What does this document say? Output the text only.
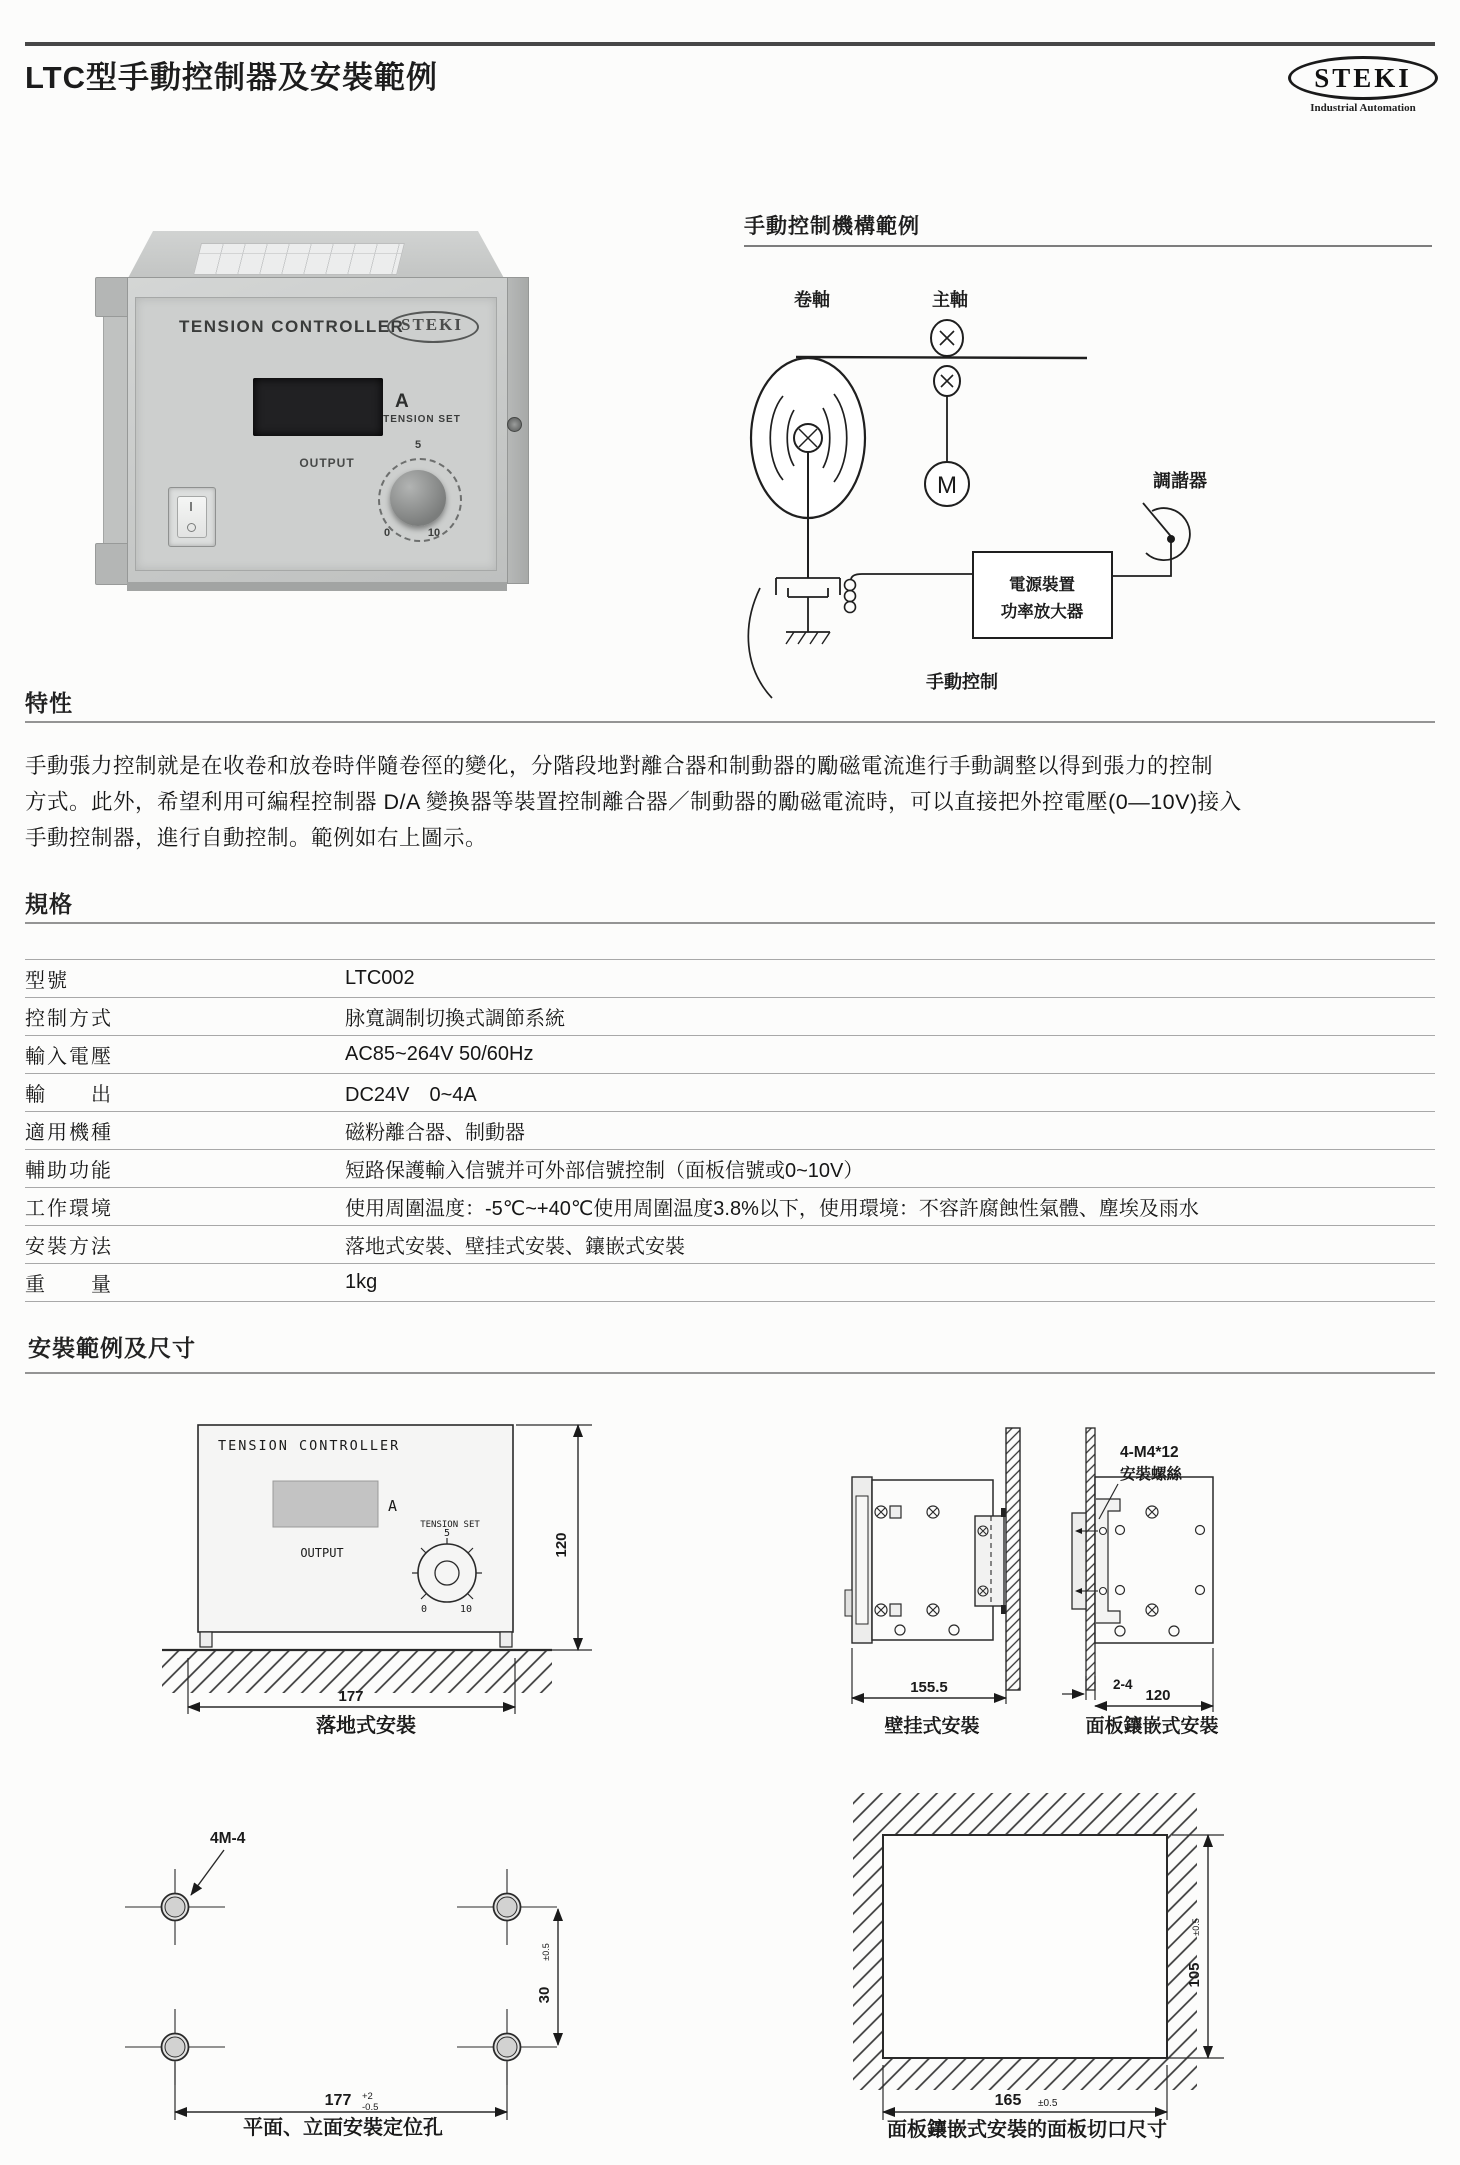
LTC型手動控制器及安裝範例	STEKI
Industrial Automation
TENSION CONTROLLER
STEKI
A
TENSION SET
5
0	10
OUTPUT
手動控制機構範例
卷軸	主軸
電源裝置
功率放大器
調諧器
M
手動控制
特性
手動張力控制就是在收卷和放卷時伴隨卷徑的變化，分階段地對離合器和制動器的勵磁電流進行手動調整以得到張力的控制
方式。此外，希望利用可編程控制器 D/A 變換器等裝置控制離合器／制動器的勵磁電流時，可以直接把外控電壓(0—10V)接入
手動控制器，進行自動控制。範例如右上圖示。
規格
型號	LTC002
控制方式	脉寬調制切換式調節系統
輸入電壓	AC85~264V 50/60Hz
輸　　出	DC24V　0~4A
適用機種	磁粉離合器、制動器
輔助功能	短路保護輸入信號并可外部信號控制（面板信號或0~10V）
工作環境	使用周圍温度：-5℃~+40℃使用周圍温度3.8%以下，使用環境：不容許腐蝕性氣體、塵埃及雨水
安裝方法	落地式安裝、壁挂式安裝、鑲嵌式安裝
重　　量	1kg
安裝範例及尺寸
TENSION CONTROLLER
A
TENSION SET
5
0	10
OUTPUT	120
177
落地式安裝
155.5
壁挂式安裝
4-M4*12
安裝螺絲
2-4
120
面板鑲嵌式安裝
4M-4
30
±0.5
177 +2
-0.5
平面、立面安裝定位孔
105
±0.5
165 ±0.5
面板鑲嵌式安裝的面板切口尺寸
